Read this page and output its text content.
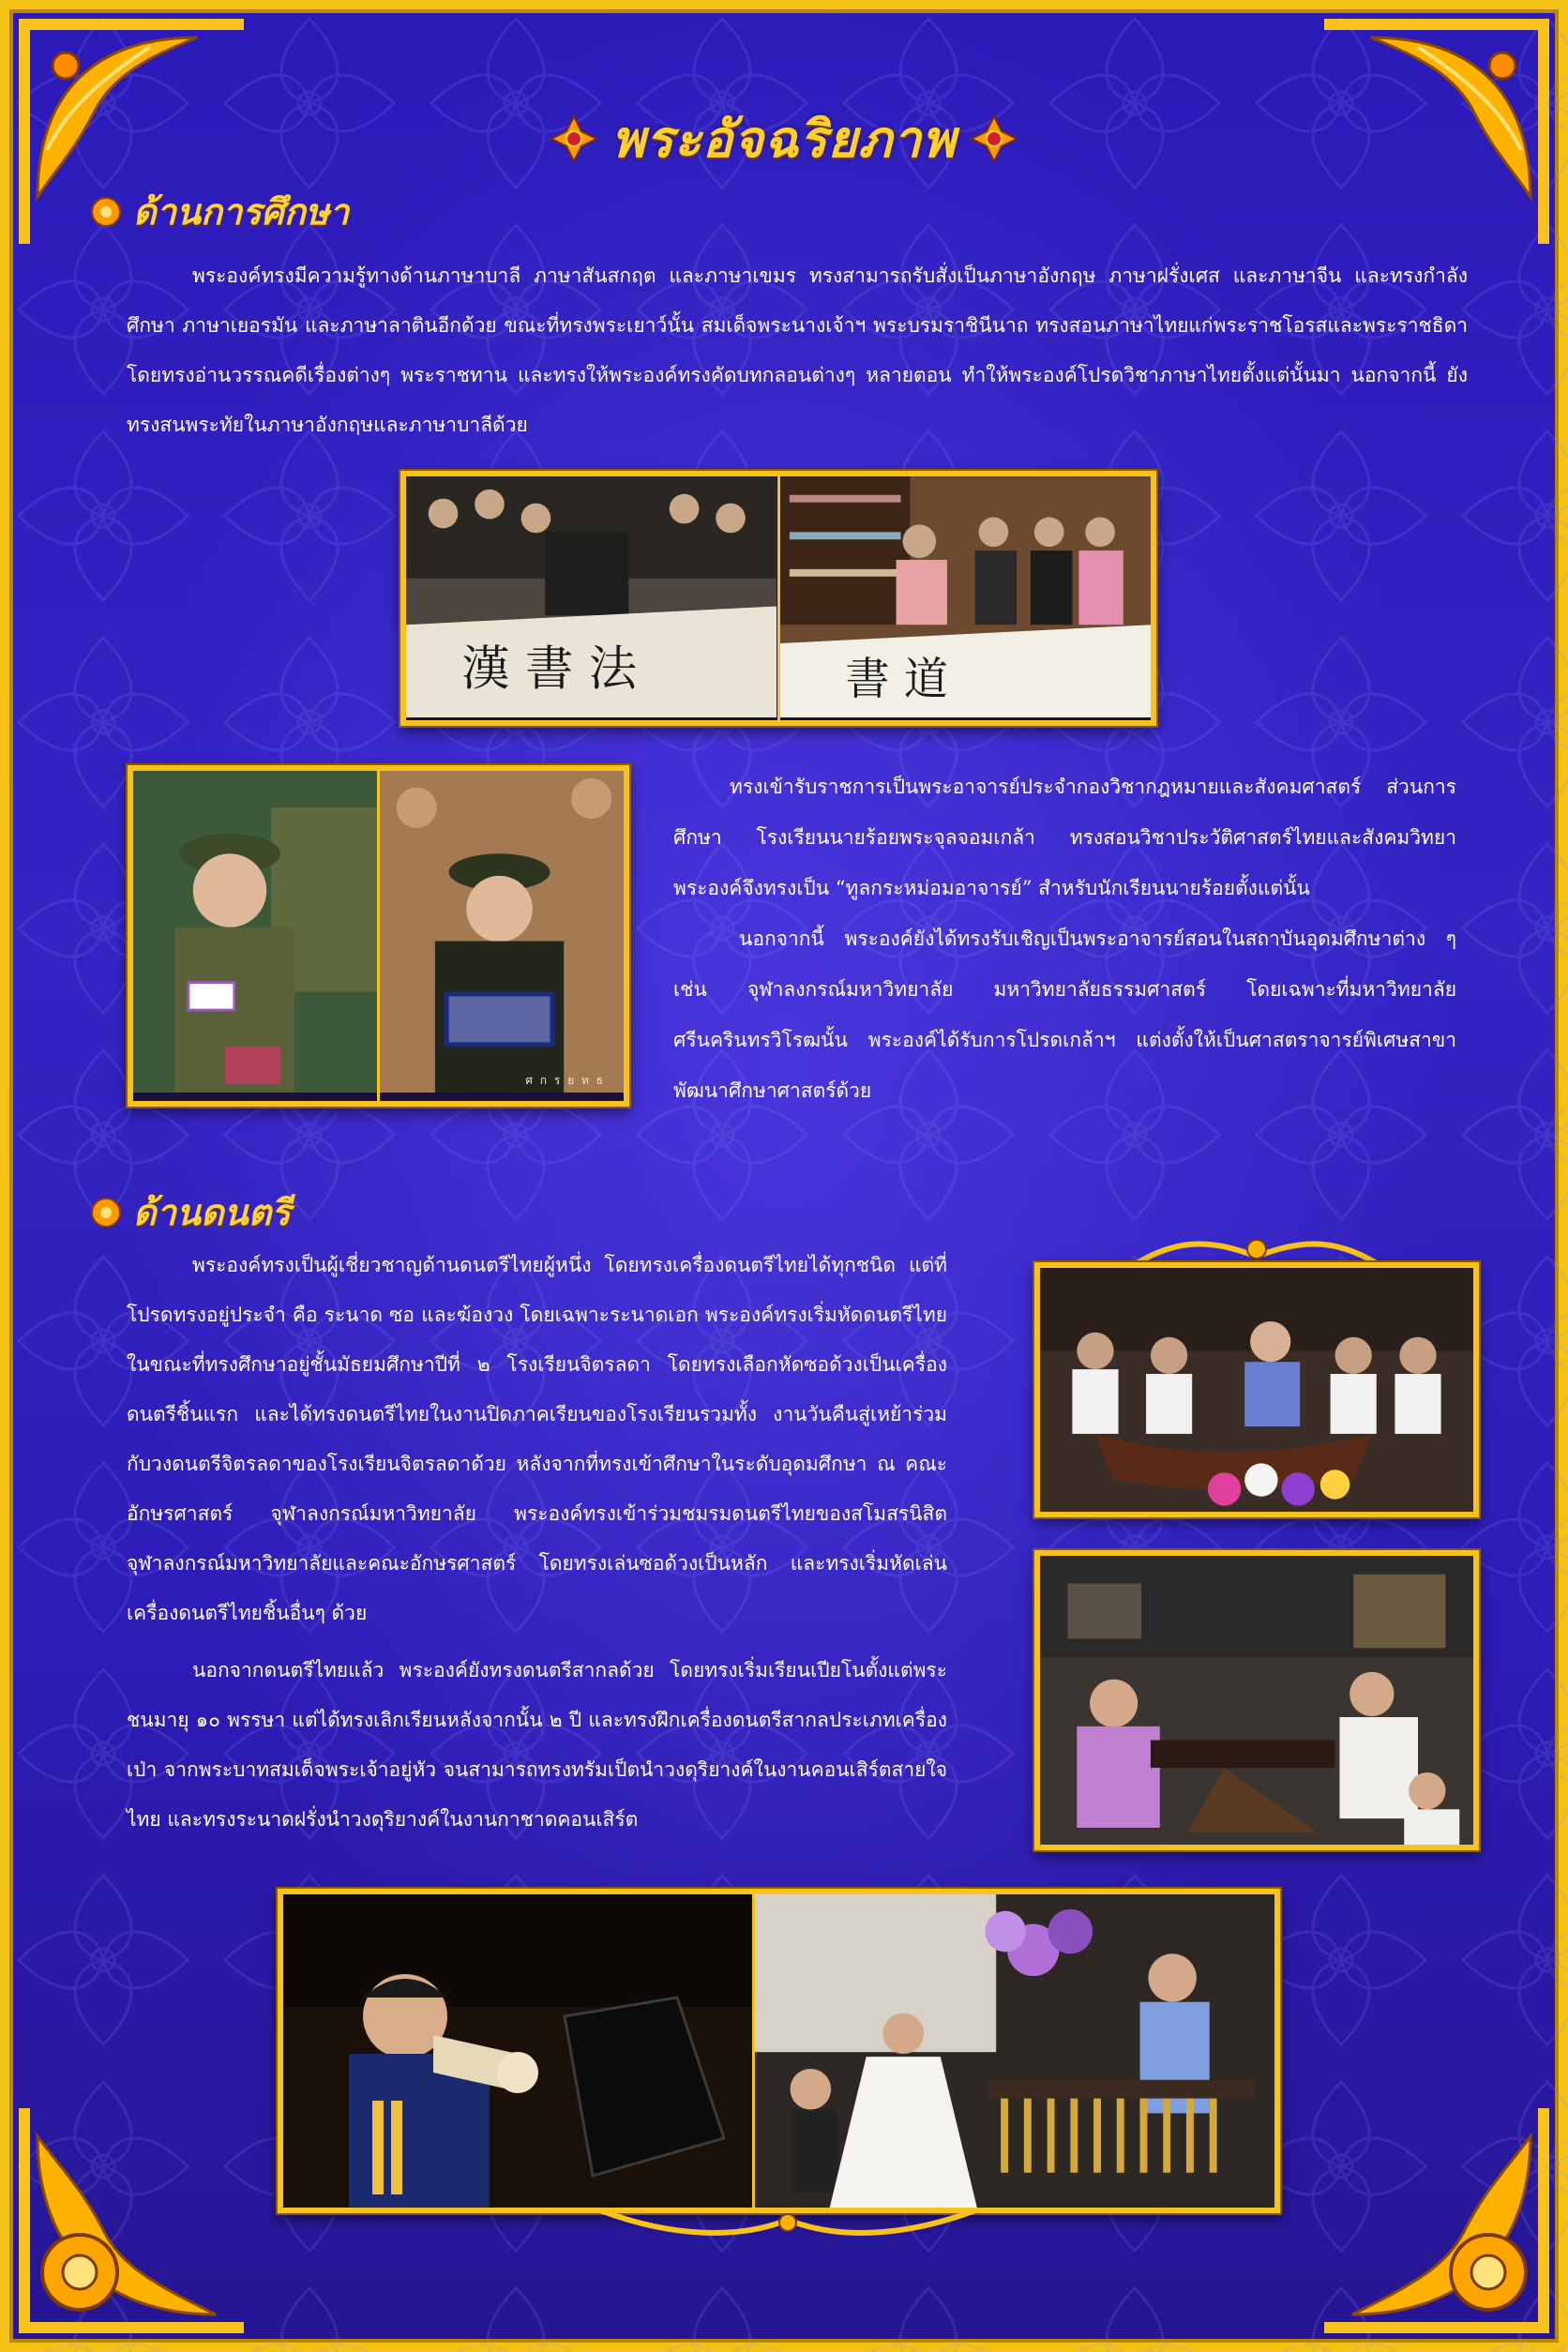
พระอัจฉริยภาพ
ด้านการศึกษา

พระองค์ทรงมีความรู้ทางด้านภาษาบาลี ภาษาสันสกฤต และภาษาเขมร ทรงสามารถรับสั่งเป็นภาษาอังกฤษ ภาษาฝรั่งเศส และภาษาจีน และทรงกำลังศึกษา ภาษาเยอรมัน และภาษาลาตินอีกด้วย ขณะที่ทรงพระเยาว์นั้น สมเด็จพระนางเจ้าฯ พระบรมราชินีนาถ ทรงสอนภาษาไทยแก่พระราชโอรสและพระราชธิดา โดยทรงอ่านวรรณคดีเรื่องต่างๆ พระราชทาน และทรงให้พระองค์ทรงคัดบทกลอนต่างๆ หลายตอน ทำให้พระองค์โปรดวิชาภาษาไทยตั้งแต่นั้นมา นอกจากนี้ ยังทรงสนพระทัยในภาษาอังกฤษและภาษาบาลีด้วย

漢 書 法	書 道
ศ ก ร ย ท ธ

ทรงเข้ารับราชการเป็นพระอาจารย์ประจำกองวิชากฎหมายและสังคมศาสตร์ ส่วนการศึกษา โรงเรียนนายร้อยพระจุลจอมเกล้า ทรงสอนวิชาประวัติศาสตร์ไทยและสังคมวิทยา พระองค์จึงทรงเป็น “ทูลกระหม่อมอาจารย์” สำหรับนักเรียนนายร้อยตั้งแต่นั้น

นอกจากนี้ พระองค์ยังได้ทรงรับเชิญเป็นพระอาจารย์สอนในสถาบันอุดมศึกษาต่าง ๆ เช่น จุฬาลงกรณ์มหาวิทยาลัย มหาวิทยาลัยธรรมศาสตร์ โดยเฉพาะที่มหาวิทยาลัยศรีนครินทรวิโรฒนั้น พระองค์ได้รับการโปรดเกล้าฯ แต่งตั้งให้เป็นศาสตราจารย์พิเศษสาขาพัฒนาศึกษาศาสตร์ด้วย

ด้านดนตรี

พระองค์ทรงเป็นผู้เชี่ยวชาญด้านดนตรีไทยผู้หนึ่ง โดยทรงเครื่องดนตรีไทยได้ทุกชนิด แต่ที่โปรดทรงอยู่ประจำ คือ ระนาด ซอ และฆ้องวง โดยเฉพาะระนาดเอก พระองค์ทรงเริ่มหัดดนตรีไทย ในขณะที่ทรงศึกษาอยู่ชั้นมัธยมศึกษาปีที่ ๒ โรงเรียนจิตรลดา โดยทรงเลือกหัดซอด้วงเป็นเครื่องดนตรีชิ้นแรก และได้ทรงดนตรีไทยในงานปิดภาคเรียนของโรงเรียนรวมทั้ง งานวันคืนสู่เหย้าร่วมกับวงดนตรีจิตรลดาของโรงเรียนจิตรลดาด้วย หลังจากที่ทรงเข้าศึกษาในระดับอุดมศึกษา ณ คณะอักษรศาสตร์ จุฬาลงกรณ์มหาวิทยาลัย พระองค์ทรงเข้าร่วมชมรมดนตรีไทยของสโมสรนิสิตจุฬาลงกรณ์มหาวิทยาลัยและคณะอักษรศาสตร์ โดยทรงเล่นซอด้วงเป็นหลัก และทรงเริ่มหัดเล่นเครื่องดนตรีไทยชิ้นอื่นๆ ด้วย

นอกจากดนตรีไทยแล้ว พระองค์ยังทรงดนตรีสากลด้วย โดยทรงเริ่มเรียนเปียโนตั้งแต่พระชนมายุ ๑๐ พรรษา แต่ได้ทรงเลิกเรียนหลังจากนั้น ๒ ปี และทรงฝึกเครื่องดนตรีสากลประเภทเครื่องเป่า จากพระบาทสมเด็จพระเจ้าอยู่หัว จนสามารถทรงทรัมเป็ตนำวงดุริยางค์ในงานคอนเสิร์ตสายใจไทย และทรงระนาดฝรั่งนำวงดุริยางค์ในงานกาชาดคอนเสิร์ต
